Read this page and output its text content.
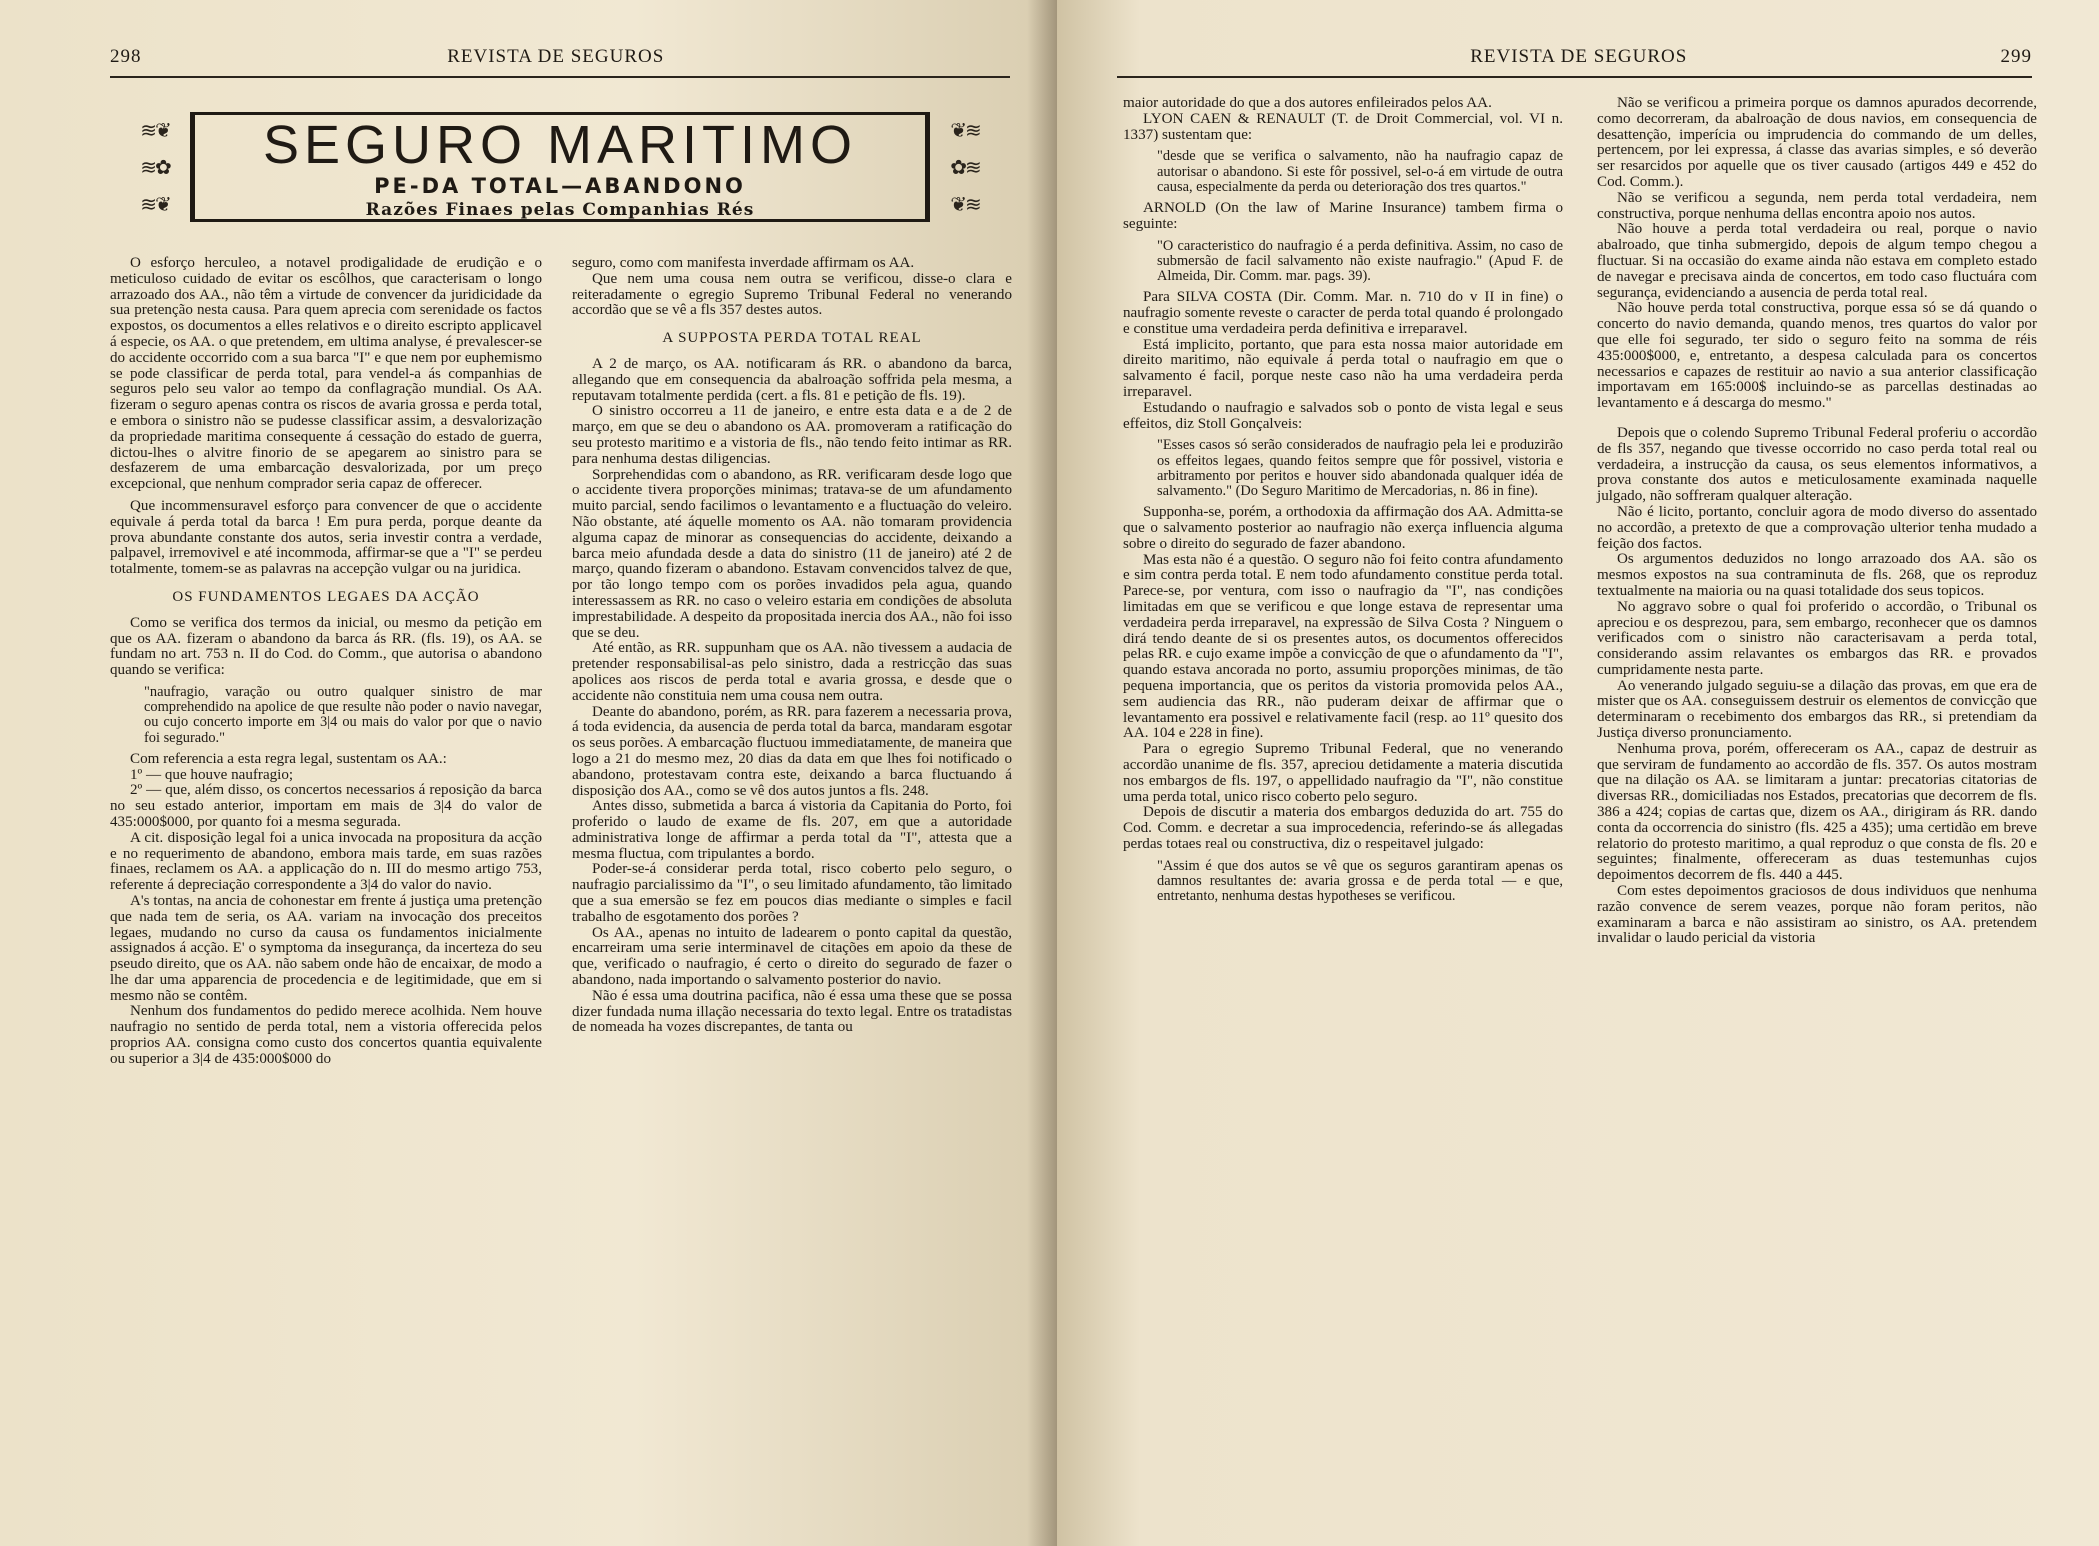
298	REVISTA DE SEGUROS
≋❦
≋✿
≋❦
SEGURO MARITIMO
PE-DA TOTAL—ABANDONO
Razões Finaes pelas Companhias Rés
❦≋
✿≋
❦≋

O esforço herculeo, a notavel prodigalidade de erudição e o meticuloso cuidado de evitar os escôlhos, que caracterisam o longo arrazoado dos AA., não têm a virtude de convencer da juridicidade da sua pretenção nesta causa. Para quem aprecia com serenidade os factos expostos, os documentos a elles relativos e o direito escripto applicavel á especie, os AA. o que pretendem, em ultima analyse, é prevalescer-se do accidente occorrido com a sua barca "I" e que nem por euphemismo se pode classificar de perda total, para vendel-a ás companhias de seguros pelo seu valor ao tempo da conflagração mundial. Os AA. fizeram o seguro apenas contra os riscos de avaria grossa e perda total, e embora o sinistro não se pudesse classificar assim, a desvalorização da propriedade maritima consequente á cessação do estado de guerra, dictou-lhes o alvitre finorio de se apegarem ao sinistro para se desfazerem de uma embarcação desvalorizada, por um preço excepcional, que nenhum comprador seria capaz de offerecer.

Que incommensuravel esforço para convencer de que o accidente equivale á perda total da barca ! Em pura perda, porque deante da prova abundante constante dos autos, seria investir contra a verdade, palpavel, irremovivel e até incommoda, affirmar-se que a "I" se perdeu totalmente, tomem-se as palavras na accepção vulgar ou na juridica.

OS FUNDAMENTOS LEGAES DA ACÇÃO

Como se verifica dos termos da inicial, ou mesmo da petição em que os AA. fizeram o abandono da barca ás RR. (fls. 19), os AA. se fundam no art. 753 n. II do Cod. do Comm., que autorisa o abandono quando se verifica:

"naufragio, varação ou outro qualquer sinistro de mar comprehendido na apolice de que resulte não poder o navio navegar, ou cujo concerto importe em 3|4 ou mais do valor por que o navio foi segurado."

Com referencia a esta regra legal, sustentam os AA.:

1º — que houve naufragio;

2º — que, além disso, os concertos necessarios á reposição da barca no seu estado anterior, importam em mais de 3|4 do valor de 435:000$000, por quanto foi a mesma segurada.

A cit. disposição legal foi a unica invocada na propositura da acção e no requerimento de abandono, embora mais tarde, em suas razões finaes, reclamem os AA. a applicação do n. III do mesmo artigo 753, referente á depreciação correspondente a 3|4 do valor do navio.

A's tontas, na ancia de cohonestar em frente á justiça uma pretenção que nada tem de seria, os AA. variam na invocação dos preceitos legaes, mudando no curso da causa os fundamentos inicialmente assignados á acção. E' o symptoma da insegurança, da incerteza do seu pseudo direito, que os AA. não sabem onde hão de encaixar, de modo a lhe dar uma apparencia de procedencia e de legitimidade, que em si mesmo não se contêm.

Nenhum dos fundamentos do pedido merece acolhida. Nem houve naufragio no sentido de perda total, nem a vistoria offerecida pelos proprios AA. consigna como custo dos concertos quantia equivalente ou superior a 3|4 de 435:000$000 do

seguro, como com manifesta inverdade affirmam os AA.

Que nem uma cousa nem outra se verificou, disse-o clara e reiteradamente o egregio Supremo Tribunal Federal no venerando accordão que se vê a fls 357 destes autos.

A SUPPOSTA PERDA TOTAL REAL

A 2 de março, os AA. notificaram ás RR. o abandono da barca, allegando que em consequencia da abalroação soffrida pela mesma, a reputavam totalmente perdida (cert. a fls. 81 e petição de fls. 19).

O sinistro occorreu a 11 de janeiro, e entre esta data e a de 2 de março, em que se deu o abandono os AA. promoveram a ratificação do seu protesto maritimo e a vistoria de fls., não tendo feito intimar as RR. para nenhuma destas diligencias.

Sorprehendidas com o abandono, as RR. verificaram desde logo que o accidente tivera proporções minimas; tratava-se de um afundamento muito parcial, sendo facilimos o levantamento e a fluctuação do veleiro. Não obstante, até áquelle momento os AA. não tomaram providencia alguma capaz de minorar as consequencias do accidente, deixando a barca meio afundada desde a data do sinistro (11 de janeiro) até 2 de março, quando fizeram o abandono. Estavam convencidos talvez de que, por tão longo tempo com os porões invadidos pela agua, quando interessassem as RR. no caso o veleiro estaria em condições de absoluta imprestabilidade. A despeito da propositada inercia dos AA., não foi isso que se deu.

Até então, as RR. suppunham que os AA. não tivessem a audacia de pretender responsabilisal-as pelo sinistro, dada a restricção das suas apolices aos riscos de perda total e avaria grossa, e desde que o accidente não constituia nem uma cousa nem outra.

Deante do abandono, porém, as RR. para fazerem a necessaria prova, á toda evidencia, da ausencia de perda total da barca, mandaram esgotar os seus porões. A embarcação fluctuou immediatamente, de maneira que logo a 21 do mesmo mez, 20 dias da data em que lhes foi notificado o abandono, protestavam contra este, deixando a barca fluctuando á disposição dos AA., como se vê dos autos juntos a fls. 248.

Antes disso, submetida a barca á vistoria da Capitania do Porto, foi proferido o laudo de exame de fls. 207, em que a autoridade administrativa longe de affirmar a perda total da "I", attesta que a mesma fluctua, com tripulantes a bordo.

Poder-se-á considerar perda total, risco coberto pelo seguro, o naufragio parcialissimo da "I", o seu limitado afundamento, tão limitado que a sua emersão se fez em poucos dias mediante o simples e facil trabalho de esgotamento dos porões ?

Os AA., apenas no intuito de ladearem o ponto capital da questão, encarreiram uma serie interminavel de citações em apoio da these de que, verificado o naufragio, é certo o direito do segurado de fazer o abandono, nada importando o salvamento posterior do navio.

Não é essa uma doutrina pacifica, não é essa uma these que se possa dizer fundada numa illação necessaria do texto legal. Entre os tratadistas de nomeada ha vozes discrepantes, de tanta ou

REVISTA DE SEGUROS	299

maior autoridade do que a dos autores enfileirados pelos AA.

LYON CAEN & RENAULT (T. de Droit Commercial, vol. VI n. 1337) sustentam que:

"desde que se verifica o salvamento, não ha naufragio capaz de autorisar o abandono. Si este fôr possivel, sel-o-á em virtude de outra causa, especialmente da perda ou deterioração dos tres quartos."

ARNOLD (On the law of Marine Insurance) tambem firma o seguinte:

"O caracteristico do naufragio é a perda definitiva. Assim, no caso de submersão de facil salvamento não existe naufragio." (Apud F. de Almeida, Dir. Comm. mar. pags. 39).

Para SILVA COSTA (Dir. Comm. Mar. n. 710 do v II in fine) o naufragio somente reveste o caracter de perda total quando é prolongado e constitue uma verdadeira perda definitiva e irreparavel.

Está implicito, portanto, que para esta nossa maior autoridade em direito maritimo, não equivale á perda total o naufragio em que o salvamento é facil, porque neste caso não ha uma verdadeira perda irreparavel.

Estudando o naufragio e salvados sob o ponto de vista legal e seus effeitos, diz Stoll Gonçalveis:

"Esses casos só serão considerados de naufragio pela lei e produzirão os effeitos legaes, quando feitos sempre que fôr possivel, vistoria e arbitramento por peritos e houver sido abandonada qualquer idéa de salvamento." (Do Seguro Maritimo de Mercadorias, n. 86 in fine).

Supponha-se, porém, a orthodoxia da affirmação dos AA. Admitta-se que o salvamento posterior ao naufragio não exerça influencia alguma sobre o direito do segurado de fazer abandono.

Mas esta não é a questão. O seguro não foi feito contra afundamento e sim contra perda total. E nem todo afundamento constitue perda total. Parece-se, por ventura, com isso o naufragio da "I", nas condições limitadas em que se verificou e que longe estava de representar uma verdadeira perda irreparavel, na expressão de Silva Costa ? Ninguem o dirá tendo deante de si os presentes autos, os documentos offerecidos pelas RR. e cujo exame impõe a convicção de que o afundamento da "I", quando estava ancorada no porto, assumiu proporções minimas, de tão pequena importancia, que os peritos da vistoria promovida pelos AA., sem audiencia das RR., não puderam deixar de affirmar que o levantamento era possivel e relativamente facil (resp. ao 11º quesito dos AA. 104 e 228 in fine).

Para o egregio Supremo Tribunal Federal, que no venerando accordão unanime de fls. 357, apreciou detidamente a materia discutida nos embargos de fls. 197, o appellidado naufragio da "I", não constitue uma perda total, unico risco coberto pelo seguro.

Depois de discutir a materia dos embargos deduzida do art. 755 do Cod. Comm. e decretar a sua improcedencia, referindo-se ás allegadas perdas totaes real ou constructiva, diz o respeitavel julgado:

"Assim é que dos autos se vê que os seguros garantiram apenas os damnos resultantes de: avaria grossa e de perda total — e que, entretanto, nenhuma destas hypotheses se verificou.

Não se verificou a primeira porque os damnos apurados decorrende, como decorreram, da abalroação de dous navios, em consequencia de desattenção, imperícia ou imprudencia do commando de um delles, pertencem, por lei expressa, á classe das avarias simples, e só deverão ser resarcidos por aquelle que os tiver causado (artigos 449 e 452 do Cod. Comm.).

Não se verificou a segunda, nem perda total verdadeira, nem constructiva, porque nenhuma dellas encontra apoio nos autos.

Não houve a perda total verdadeira ou real, porque o navio abalroado, que tinha submergido, depois de algum tempo chegou a fluctuar. Si na occasião do exame ainda não estava em completo estado de navegar e precisava ainda de concertos, em todo caso fluctuára com segurança, evidenciando a ausencia de perda total real.

Não houve perda total constructiva, porque essa só se dá quando o concerto do navio demanda, quando menos, tres quartos do valor por que elle foi segurado, ter sido o seguro feito na somma de réis 435:000$000, e, entretanto, a despesa calculada para os concertos necessarios e capazes de restituir ao navio a sua anterior classificação importavam em 165:000$ incluindo-se as parcellas destinadas ao levantamento e á descarga do mesmo."

Depois que o colendo Supremo Tribunal Federal proferiu o accordão de fls 357, negando que tivesse occorrido no caso perda total real ou verdadeira, a instrucção da causa, os seus elementos informativos, a prova constante dos autos e meticulosamente examinada naquelle julgado, não soffreram qualquer alteração.

Não é licito, portanto, concluir agora de modo diverso do assentado no accordão, a pretexto de que a comprovação ulterior tenha mudado a feição dos factos.

Os argumentos deduzidos no longo arrazoado dos AA. são os mesmos expostos na sua contraminuta de fls. 268, que os reproduz textualmente na maioria ou na quasi totalidade dos seus topicos.

No aggravo sobre o qual foi proferido o accordão, o Tribunal os apreciou e os desprezou, para, sem embargo, reconhecer que os damnos verificados com o sinistro não caracterisavam a perda total, considerando assim relavantes os embargos das RR. e provados cumpridamente nesta parte.

Ao venerando julgado seguiu-se a dilação das provas, em que era de mister que os AA. conseguissem destruir os elementos de convicção que determinaram o recebimento dos embargos das RR., si pretendiam da Justiça diverso pronunciamento.

Nenhuma prova, porém, offereceram os AA., capaz de destruir as que serviram de fundamento ao accordão de fls. 357. Os autos mostram que na dilação os AA. se limitaram a juntar: precatorias citatorias de diversas RR., domiciliadas nos Estados, precatorias que decorrem de fls. 386 a 424; copias de cartas que, dizem os AA., dirigiram ás RR. dando conta da occorrencia do sinistro (fls. 425 a 435); uma certidão em breve relatorio do protesto maritimo, a qual reproduz o que consta de fls. 20 e seguintes; finalmente, offereceram as duas testemunhas cujos depoimentos decorrem de fls. 440 a 445.

Com estes depoimentos graciosos de dous individuos que nenhuma razão convence de serem veazes, porque não foram peritos, não examinaram a barca e não assistiram ao sinistro, os AA. pretendem invalidar o laudo pericial da vistoria
